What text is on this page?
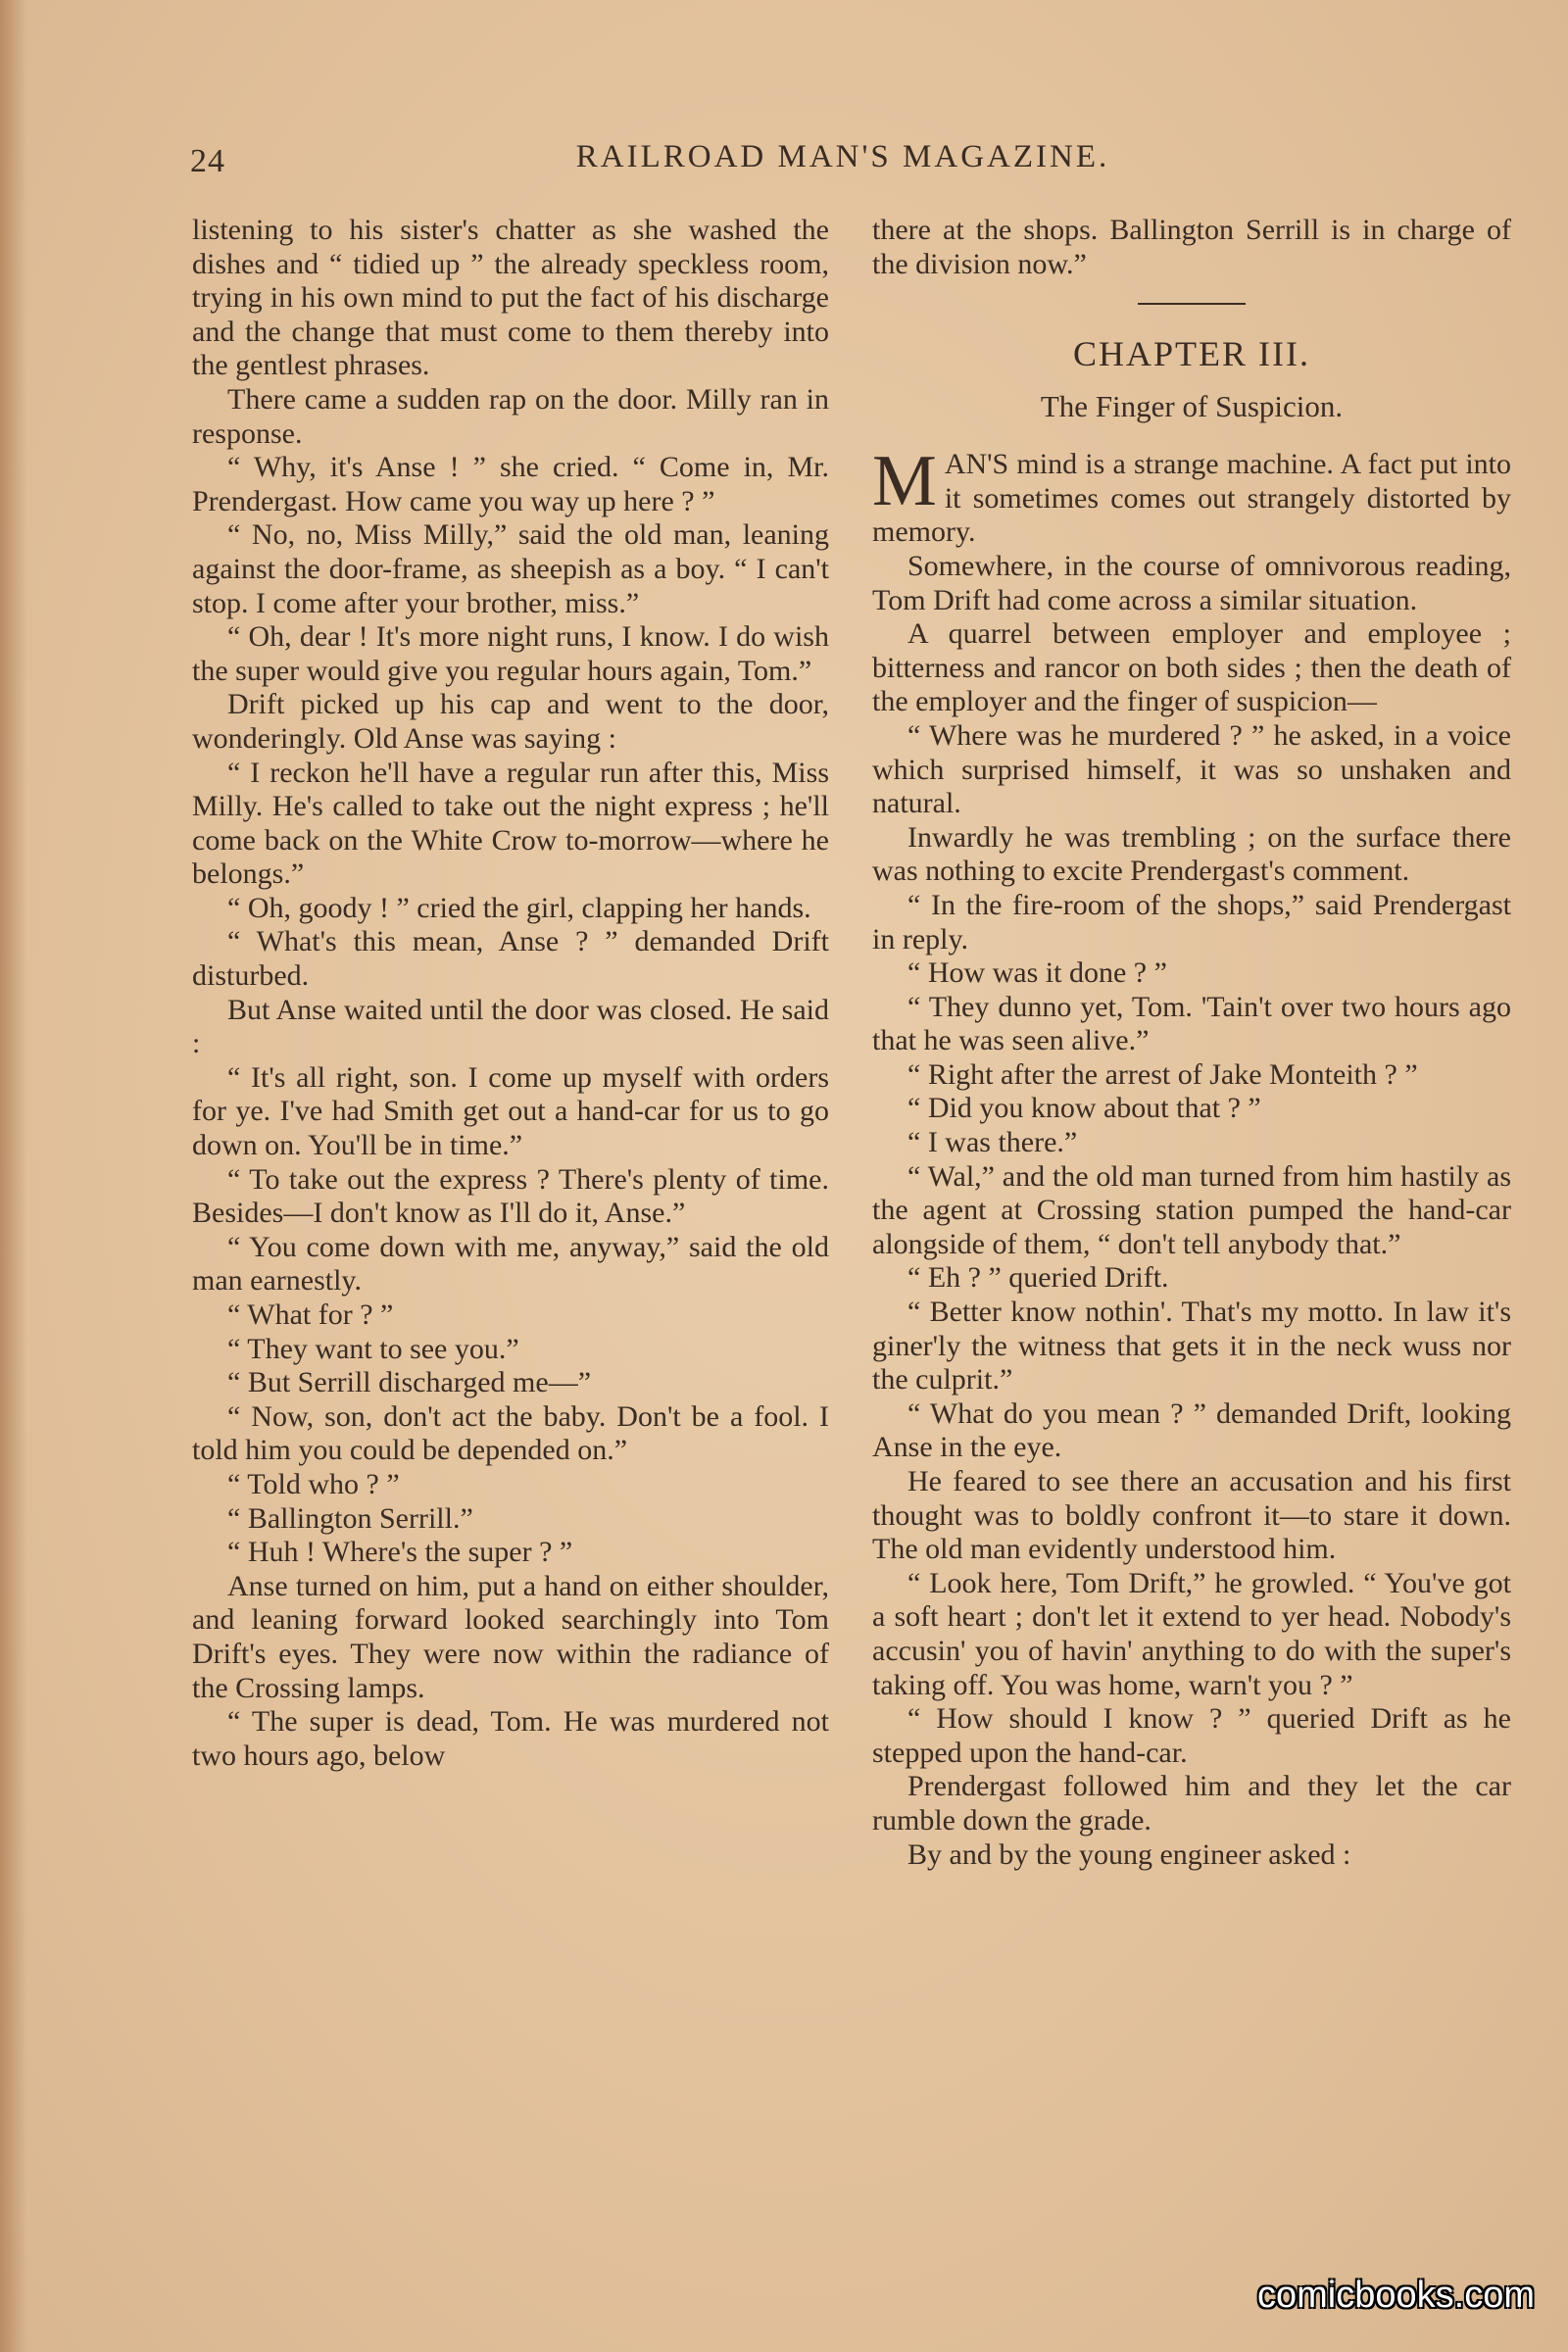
24	RAILROAD MAN'S MAGAZINE.

listening to his sister's chatter as she washed the dishes and “ tidied up ” the already speckless room, trying in his own mind to put the fact of his discharge and the change that must come to them thereby into the gentlest phrases.

There came a sudden rap on the door. Milly ran in response.

“ Why, it's Anse ! ” she cried. “ Come in, Mr. Prendergast. How came you way up here ? ”

“ No, no, Miss Milly,” said the old man, leaning against the door-frame, as sheepish as a boy. “ I can't stop. I come after your brother, miss.”

“ Oh, dear ! It's more night runs, I know. I do wish the super would give you regular hours again, Tom.”

Drift picked up his cap and went to the door, wonderingly. Old Anse was saying :

“ I reckon he'll have a regular run after this, Miss Milly. He's called to take out the night express ; he'll come back on the White Crow to-morrow—where he belongs.”

“ Oh, goody ! ” cried the girl, clapping her hands.

“ What's this mean, Anse ? ” demanded Drift disturbed.

But Anse waited until the door was closed. He said :

“ It's all right, son. I come up myself with orders for ye. I've had Smith get out a hand-car for us to go down on. You'll be in time.”

“ To take out the express ? There's plenty of time. Besides—I don't know as I'll do it, Anse.”

“ You come down with me, anyway,” said the old man earnestly.

“ What for ? ”

“ They want to see you.”

“ But Serrill discharged me—”

“ Now, son, don't act the baby. Don't be a fool. I told him you could be depended on.”

“ Told who ? ”

“ Ballington Serrill.”

“ Huh ! Where's the super ? ”

Anse turned on him, put a hand on either shoulder, and leaning forward looked searchingly into Tom Drift's eyes. They were now within the radiance of the Crossing lamps.

“ The super is dead, Tom. He was murdered not two hours ago, below

there at the shops. Ballington Serrill is in charge of the division now.”

CHAPTER III.
The Finger of Suspicion.

MAN'S mind is a strange machine. A fact put into it sometimes comes out strangely distorted by memory.

Somewhere, in the course of omnivorous reading, Tom Drift had come across a similar situation.

A quarrel between employer and employee ; bitterness and rancor on both sides ; then the death of the employer and the finger of suspicion—

“ Where was he murdered ? ” he asked, in a voice which surprised himself, it was so unshaken and natural.

Inwardly he was trembling ; on the surface there was nothing to excite Prendergast's comment.

“ In the fire-room of the shops,” said Prendergast in reply.

“ How was it done ? ”

“ They dunno yet, Tom. 'Tain't over two hours ago that he was seen alive.”

“ Right after the arrest of Jake Monteith ? ”

“ Did you know about that ? ”

“ I was there.”

“ Wal,” and the old man turned from him hastily as the agent at Crossing station pumped the hand-car alongside of them, “ don't tell anybody that.”

“ Eh ? ” queried Drift.

“ Better know nothin'. That's my motto. In law it's giner'ly the witness that gets it in the neck wuss nor the culprit.”

“ What do you mean ? ” demanded Drift, looking Anse in the eye.

He feared to see there an accusation and his first thought was to boldly confront it—to stare it down. The old man evidently understood him.

“ Look here, Tom Drift,” he growled. “ You've got a soft heart ; don't let it extend to yer head. Nobody's accusin' you of havin' anything to do with the super's taking off. You was home, warn't you ? ”

“ How should I know ? ” queried Drift as he stepped upon the hand-car.

Prendergast followed him and they let the car rumble down the grade.

By and by the young engineer asked :

comicbooks.com
